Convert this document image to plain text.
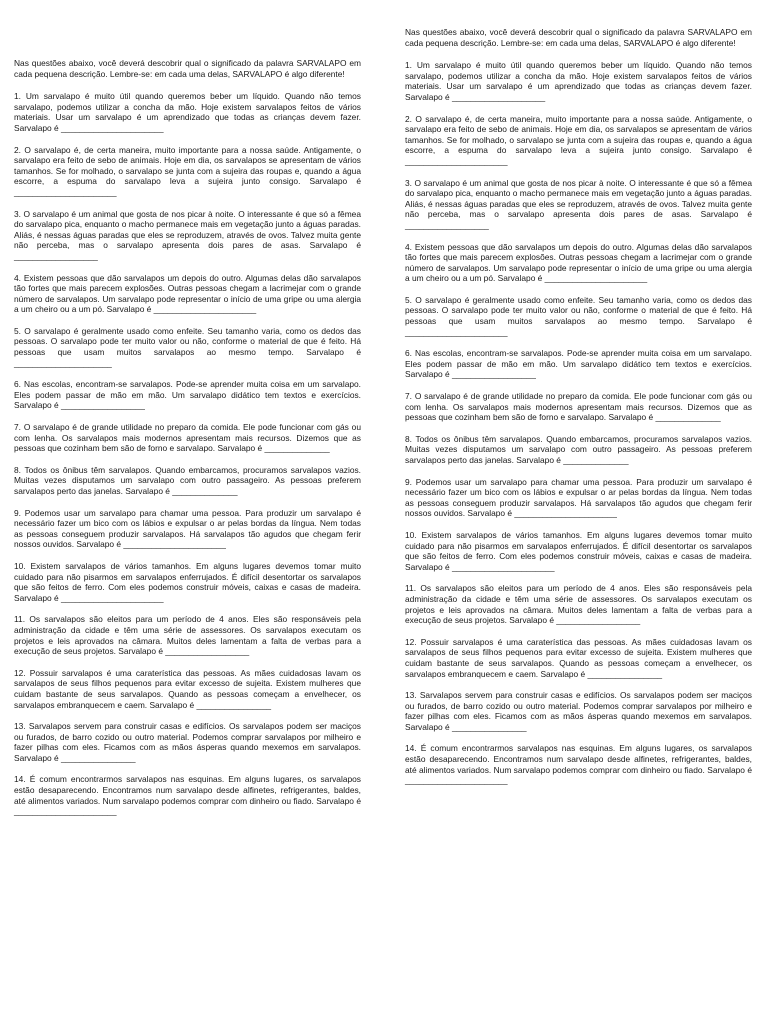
Nas questões abaixo, você deverá descobrir qual o significado da palavra SARVALAPO em cada pequena descrição. Lembre-se: em cada uma delas, SARVALAPO é algo diferente!

1. Um sarvalapo é muito útil quando queremos beber um líquido. Quando não temos sarvalapo, podemos utilizar a concha da mão. Hoje existem sarvalapos feitos de vários materiais. Usar um sarvalapo é um aprendizado que todas as crianças devem fazer. Sarvalapo é ______________________

2. O sarvalapo é, de certa maneira, muito importante para a nossa saúde. Antigamente, o sarvalapo era feito de sebo de animais. Hoje em dia, os sarvalapos se apresentam de vários tamanhos. Se for molhado, o sarvalapo se junta com a sujeira das roupas e, quando a água escorre, a espuma do sarvalapo leva a sujeira junto consigo. Sarvalapo é ______________________

3. O sarvalapo é um animal que gosta de nos picar à noite. O interessante é que só a fêmea do sarvalapo pica, enquanto o macho permanece mais em vegetação junto a águas paradas. Aliás, é nessas águas paradas que eles se reproduzem, através de ovos. Talvez muita gente não perceba, mas o sarvalapo apresenta dois pares de asas. Sarvalapo é __________________

4. Existem pessoas que dão sarvalapos um depois do outro. Algumas delas dão sarvalapos tão fortes que mais parecem explosões. Outras pessoas chegam a lacrimejar com o grande número de sarvalapos. Um sarvalapo pode representar o início de uma gripe ou uma alergia a um cheiro ou a um pó. Sarvalapo é ______________________

5. O sarvalapo é geralmente usado como enfeite. Seu tamanho varia, como os dedos das pessoas. O sarvalapo pode ter muito valor ou não, conforme o material de que é feito. Há pessoas que usam muitos sarvalapos ao mesmo tempo. Sarvalapo é _____________________

6. Nas escolas, encontram-se sarvalapos. Pode-se aprender muita coisa em um sarvalapo. Eles podem passar de mão em mão. Um sarvalapo didático tem textos e exercícios. Sarvalapo é __________________

7. O sarvalapo é de grande utilidade no preparo da comida. Ele pode funcionar com gás ou com lenha. Os sarvalapos mais modernos apresentam mais recursos. Dizemos que as pessoas que cozinham bem são de forno e sarvalapo. Sarvalapo é ______________

8. Todos os ônibus têm sarvalapos. Quando embarcamos, procuramos sarvalapos vazios. Muitas vezes disputamos um sarvalapo com outro passageiro. As pessoas preferem sarvalapos perto das janelas. Sarvalapo é ______________

9. Podemos usar um sarvalapo para chamar uma pessoa. Para produzir um sarvalapo é necessário fazer um bico com os lábios e expulsar o ar pelas bordas da língua. Nem todas as pessoas conseguem produzir sarvalapos. Há sarvalapos tão agudos que chegam ferir nossos ouvidos. Sarvalapo é ______________________

10. Existem sarvalapos de vários tamanhos. Em alguns lugares devemos tomar muito cuidado para não pisarmos em sarvalapos enferrujados. É difícil desentortar os sarvalapos que são feitos de ferro. Com eles podemos construir móveis, caixas e casas de madeira. Sarvalapo é ______________________

11. Os sarvalapos são eleitos para um período de 4 anos. Eles são responsáveis pela administração da cidade e têm uma série de assessores. Os sarvalapos executam os projetos e leis aprovados na câmara. Muitos deles lamentam a falta de verbas para a execução de seus projetos. Sarvalapo é __________________

12. Possuir sarvalapos é uma caraterística das pessoas. As mães cuidadosas lavam os sarvalapos de seus filhos pequenos para evitar excesso de sujeita. Existem mulheres que cuidam bastante de seus sarvalapos. Quando as pessoas começam a envelhecer, os sarvalapos embranquecem e caem. Sarvalapo é ________________

13. Sarvalapos servem para construir casas e edifícios. Os sarvalapos podem ser maciços ou furados, de barro cozido ou outro material. Podemos comprar sarvalapos por milheiro e fazer pilhas com eles. Ficamos com as mãos ásperas quando mexemos em sarvalapos. Sarvalapo é ________________

14. É comum encontrarmos sarvalapos nas esquinas. Em alguns lugares, os sarvalapos estão desaparecendo. Encontramos num sarvalapo desde alfinetes, refrigerantes, baldes, até alimentos variados. Num sarvalapo podemos comprar com dinheiro ou fiado. Sarvalapo é ______________________

Nas questões abaixo, você deverá descobrir qual o significado da palavra SARVALAPO em cada pequena descrição. Lembre-se: em cada uma delas, SARVALAPO é algo diferente!

1. Um sarvalapo é muito útil quando queremos beber um líquido. Quando não temos sarvalapo, podemos utilizar a concha da mão. Hoje existem sarvalapos feitos de vários materiais. Usar um sarvalapo é um aprendizado que todas as crianças devem fazer. Sarvalapo é ____________________

2. O sarvalapo é, de certa maneira, muito importante para a nossa saúde. Antigamente, o sarvalapo era feito de sebo de animais. Hoje em dia, os sarvalapos se apresentam de vários tamanhos. Se for molhado, o sarvalapo se junta com a sujeira das roupas e, quando a água escorre, a espuma do sarvalapo leva a sujeira junto consigo. Sarvalapo é ______________________

3. O sarvalapo é um animal que gosta de nos picar à noite. O interessante é que só a fêmea do sarvalapo pica, enquanto o macho permanece mais em vegetação junto a águas paradas. Aliás, é nessas águas paradas que eles se reproduzem, através de ovos. Talvez muita gente não perceba, mas o sarvalapo apresenta dois pares de asas. Sarvalapo é __________________

4. Existem pessoas que dão sarvalapos um depois do outro. Algumas delas dão sarvalapos tão fortes que mais parecem explosões. Outras pessoas chegam a lacrimejar com o grande número de sarvalapos. Um sarvalapo pode representar o início de uma gripe ou uma alergia a um cheiro ou a um pó. Sarvalapo é ______________________

5. O sarvalapo é geralmente usado como enfeite. Seu tamanho varia, como os dedos das pessoas. O sarvalapo pode ter muito valor ou não, conforme o material de que é feito. Há pessoas que usam muitos sarvalapos ao mesmo tempo. Sarvalapo é ______________________

6. Nas escolas, encontram-se sarvalapos. Pode-se aprender muita coisa em um sarvalapo. Eles podem passar de mão em mão. Um sarvalapo didático tem textos e exercícios. Sarvalapo é __________________

7. O sarvalapo é de grande utilidade no preparo da comida. Ele pode funcionar com gás ou com lenha. Os sarvalapos mais modernos apresentam mais recursos. Dizemos que as pessoas que cozinham bem são de forno e sarvalapo. Sarvalapo é ______________

8. Todos os ônibus têm sarvalapos. Quando embarcamos, procuramos sarvalapos vazios. Muitas vezes disputamos um sarvalapo com outro passageiro. As pessoas preferem sarvalapos perto das janelas. Sarvalapo é ______________

9. Podemos usar um sarvalapo para chamar uma pessoa. Para produzir um sarvalapo é necessário fazer um bico com os lábios e expulsar o ar pelas bordas da língua. Nem todas as pessoas conseguem produzir sarvalapos. Há sarvalapos tão agudos que chegam ferir nossos ouvidos. Sarvalapo é ______________________

10. Existem sarvalapos de vários tamanhos. Em alguns lugares devemos tomar muito cuidado para não pisarmos em sarvalapos enferrujados. É difícil desentortar os sarvalapos que são feitos de ferro. Com eles podemos construir móveis, caixas e casas de madeira. Sarvalapo é ______________________

11. Os sarvalapos são eleitos para um período de 4 anos. Eles são responsáveis pela administração da cidade e têm uma série de assessores. Os sarvalapos executam os projetos e leis aprovados na câmara. Muitos deles lamentam a falta de verbas para a execução de seus projetos. Sarvalapo é __________________

12. Possuir sarvalapos é uma caraterística das pessoas. As mães cuidadosas lavam os sarvalapos de seus filhos pequenos para evitar excesso de sujeita. Existem mulheres que cuidam bastante de seus sarvalapos. Quando as pessoas começam a envelhecer, os sarvalapos embranquecem e caem. Sarvalapo é ________________

13. Sarvalapos servem para construir casas e edifícios. Os sarvalapos podem ser maciços ou furados, de barro cozido ou outro material. Podemos comprar sarvalapos por milheiro e fazer pilhas com eles. Ficamos com as mãos ásperas quando mexemos em sarvalapos. Sarvalapo é ________________

14. É comum encontrarmos sarvalapos nas esquinas. Em alguns lugares, os sarvalapos estão desaparecendo. Encontramos num sarvalapo desde alfinetes, refrigerantes, baldes, até alimentos variados. Num sarvalapo podemos comprar com dinheiro ou fiado. Sarvalapo é ______________________
